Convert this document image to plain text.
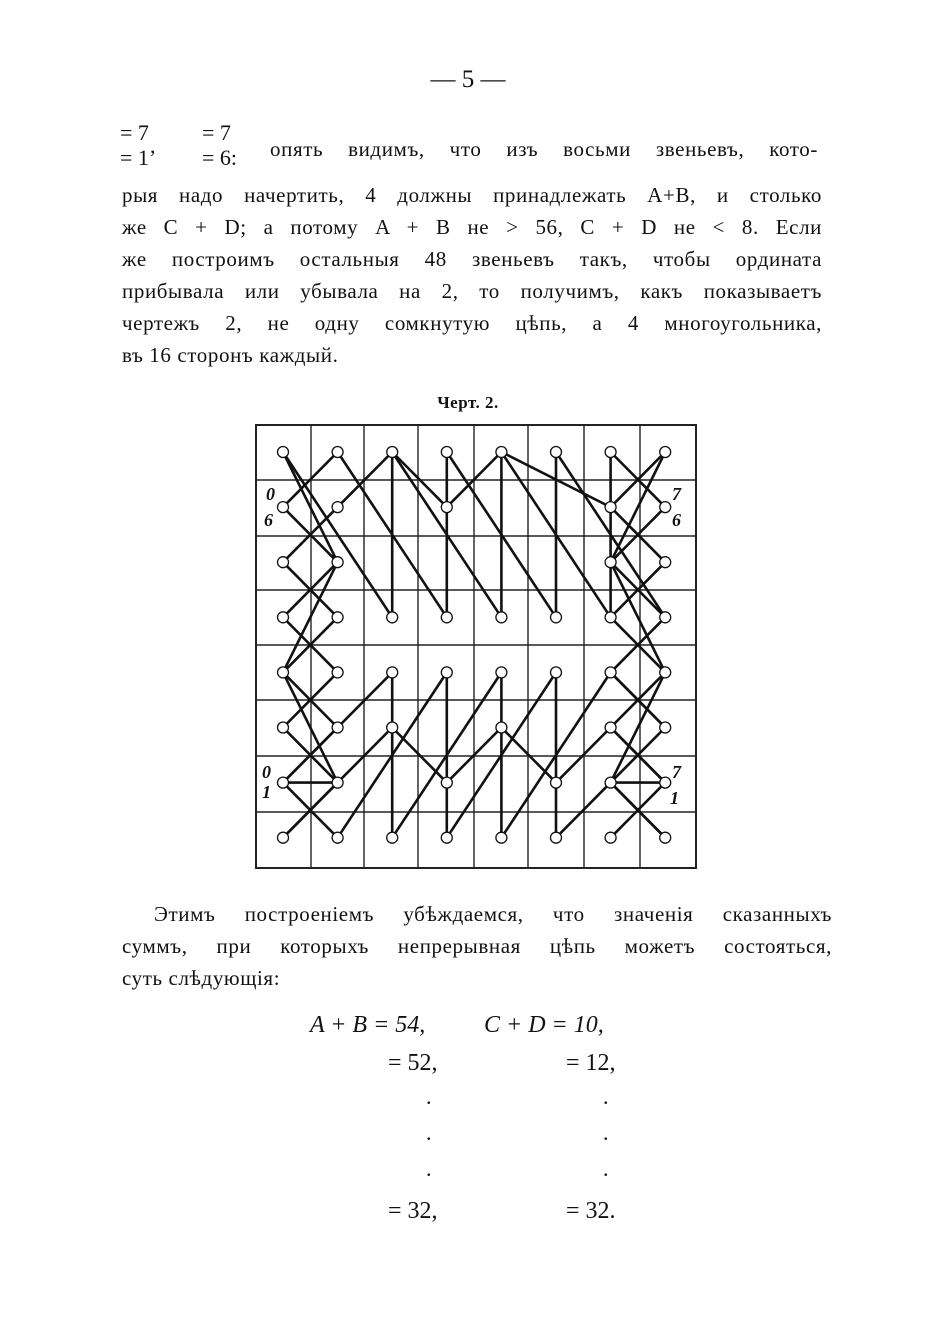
— 5 —
= 7 = 7
= 1’ = 6: опять видимъ, что изъ восьми звеньевъ, кото-
рыя надо начертить, 4 должны принадлежать A+B, и столько
же C + D; а потому A + B не > 56, C + D не < 8. Если
же построимъ остальныя 48 звеньевъ такъ, чтобы ордината
прибывала или убывала на 2, то получимъ, какъ показываетъ
чертежъ 2, не одну сомкнутую цѣпь, а 4 многоугольника,
въ 16 сторонъ каждый.
Черт. 2.
0
6
7
6
0
1
7
1
Этимъ построеніемъ убѣждаемся, что значенія сказанныхъ
суммъ, при которыхъ непрерывная цѣпь можетъ состояться,
суть слѣдующія:
A + B = 54, C + D = 10,
= 52,	= 12,
.
.
.
.
.
.
= 32,	= 32.
